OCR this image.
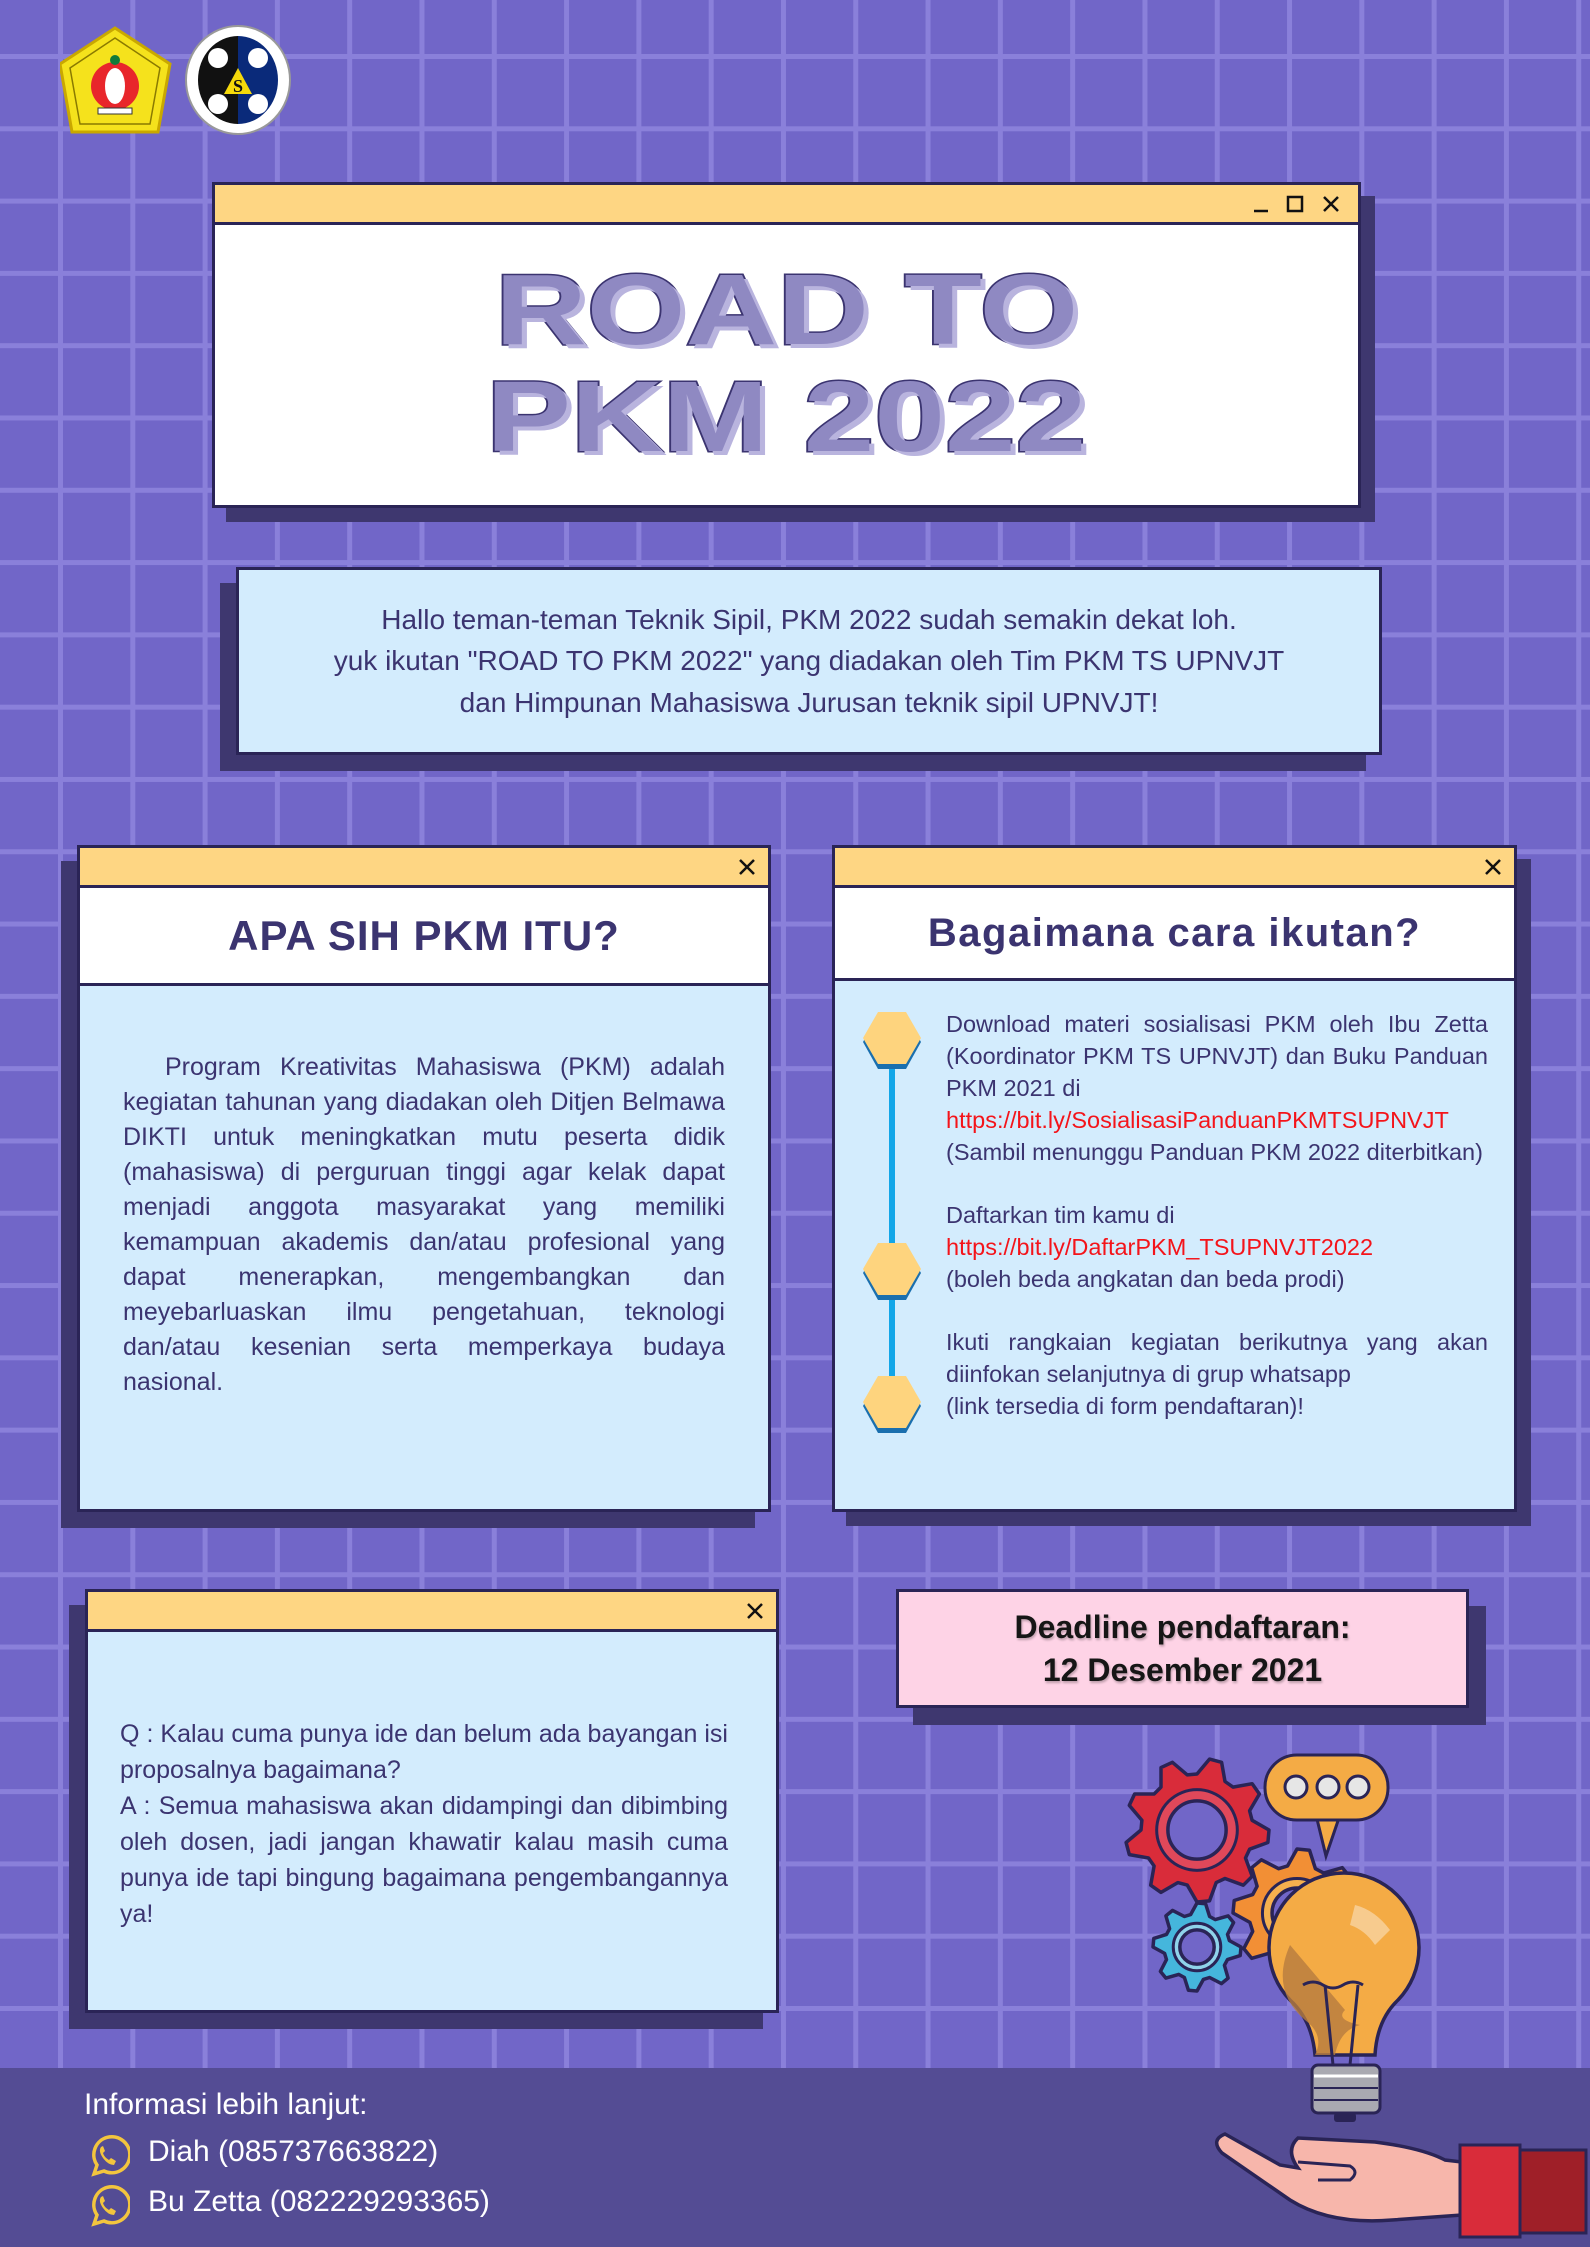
S
ROAD TO
PKM 2022
Hallo teman-teman Teknik Sipil, PKM 2022 sudah semakin dekat loh.
yuk ikutan "ROAD TO PKM 2022" yang diadakan oleh Tim PKM TS UPNVJT
dan Himpunan Mahasiswa Jurusan teknik sipil UPNVJT!
APA SIH PKM ITU?
Program Kreativitas Mahasiswa (PKM) adalah kegiatan tahunan yang diadakan oleh Ditjen Belmawa DIKTI untuk meningkatkan mutu peserta didik (mahasiswa) di perguruan tinggi agar kelak dapat menjadi anggota masyarakat yang memiliki kemampuan akademis dan/atau profesional yang dapat menerapkan, mengembangkan dan meyebarluaskan ilmu pengetahuan, teknologi dan/atau kesenian serta memperkaya budaya nasional.
Bagaimana cara ikutan?
Download materi sosialisasi PKM oleh Ibu Zetta (Koordinator PKM TS UPNVJT) dan Buku Panduan PKM 2021 di
https://bit.ly/SosialisasiPanduanPKMTSUPNVJT
(Sambil menunggu Panduan PKM 2022 diterbitkan)
Daftarkan tim kamu di
https://bit.ly/DaftarPKM_TSUPNVJT2022
(boleh beda angkatan dan beda prodi)
Ikuti rangkaian kegiatan berikutnya yang akan diinfokan selanjutnya di grup whatsapp
(link tersedia di form pendaftaran)!
Q : Kalau cuma punya ide dan belum ada bayangan isi proposalnya bagaimana?
A : Semua mahasiswa akan didampingi dan dibimbing oleh dosen, jadi jangan khawatir kalau masih cuma punya ide tapi bingung bagaimana pengembangannya ya!
Deadline pendaftaran:
12 Desember 2021
Informasi lebih lanjut:
Diah (085737663822)
Bu Zetta (082229293365)
